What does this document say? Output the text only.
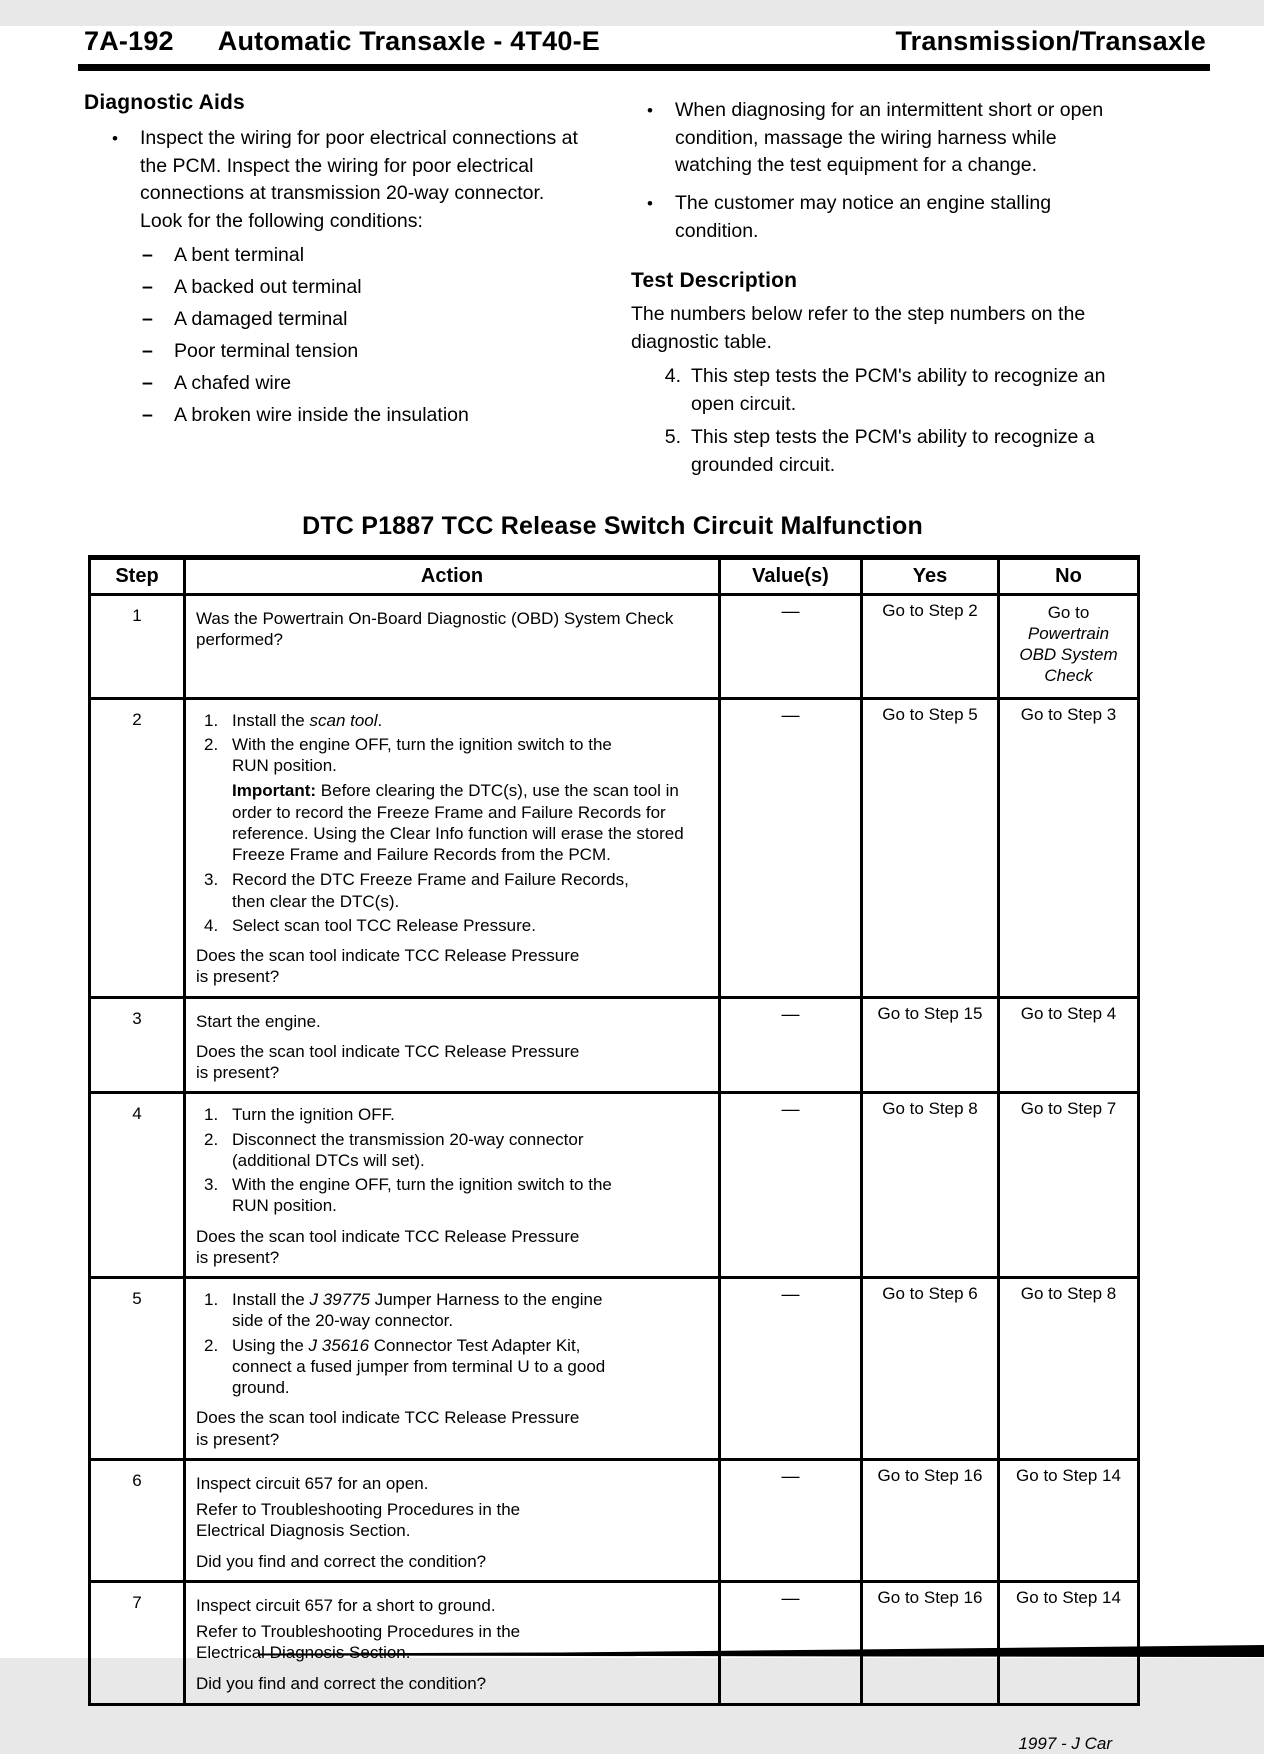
7A-192 Automatic Transaxle - 4T40-E	Transmission/Transaxle
Diagnostic Aids
•	Inspect the wiring for poor electrical connections at the PCM. Inspect the wiring for poor electrical connections at transmission 20-way connector. Look for the following conditions:
–	A bent terminal
–	A backed out terminal
–	A damaged terminal
–	Poor terminal tension
–	A chafed wire
–	A broken wire inside the insulation
•	When diagnosing for an intermittent short or open condition, massage the wiring harness while watching the test equipment for a change.
•	The customer may notice an engine stalling condition.
Test Description
The numbers below refer to the step numbers on the diagnostic table.
4. This step tests the PCM's ability to recognize an open circuit.
5. This step tests the PCM's ability to recognize a grounded circuit.
DTC P1887 TCC Release Switch Circuit Malfunction
Step	Action	Value(s)	Yes	No
1	Was the Powertrain On-Board Diagnostic (OBD) System Check performed?	—	Go to Step 2	Go to Powertrain
OBD System
Check
2	1. Install the scan tool.
2. With the engine OFF, turn the ignition switch to the
RUN position.
Important: Before clearing the DTC(s), use the scan tool in order to record the Freeze Frame and Failure Records for reference. Using the Clear Info function will erase the stored Freeze Frame and Failure Records from the PCM.
3. Record the DTC Freeze Frame and Failure Records,
then clear the DTC(s).
4. Select scan tool TCC Release Pressure.
Does the scan tool indicate TCC Release Pressure
is present?
	—	Go to Step 5	Go to Step 3
3	Start the engine.
Does the scan tool indicate TCC Release Pressure
is present?	—	Go to Step 15	Go to Step 4
4	1. Turn the ignition OFF.
2. Disconnect the transmission 20-way connector
(additional DTCs will set).
3. With the engine OFF, turn the ignition switch to the
RUN position.
Does the scan tool indicate TCC Release Pressure
is present?
	—	Go to Step 8	Go to Step 7
5	1. Install the J 39775 Jumper Harness to the engine
side of the 20-way connector.
2. Using the J 35616 Connector Test Adapter Kit,
connect a fused jumper from terminal U to a good
ground.
Does the scan tool indicate TCC Release Pressure
is present?
	—	Go to Step 6	Go to Step 8
6	Inspect circuit 657 for an open.
Refer to Troubleshooting Procedures in the
Electrical Diagnosis Section.
Did you find and correct the condition?	—	Go to Step 16	Go to Step 14
7	Inspect circuit 657 for a short to ground.
Refer to Troubleshooting Procedures in the
Electrical Diagnosis Section.
Did you find and correct the condition?	—	Go to Step 16	Go to Step 14
1997 - J Car
